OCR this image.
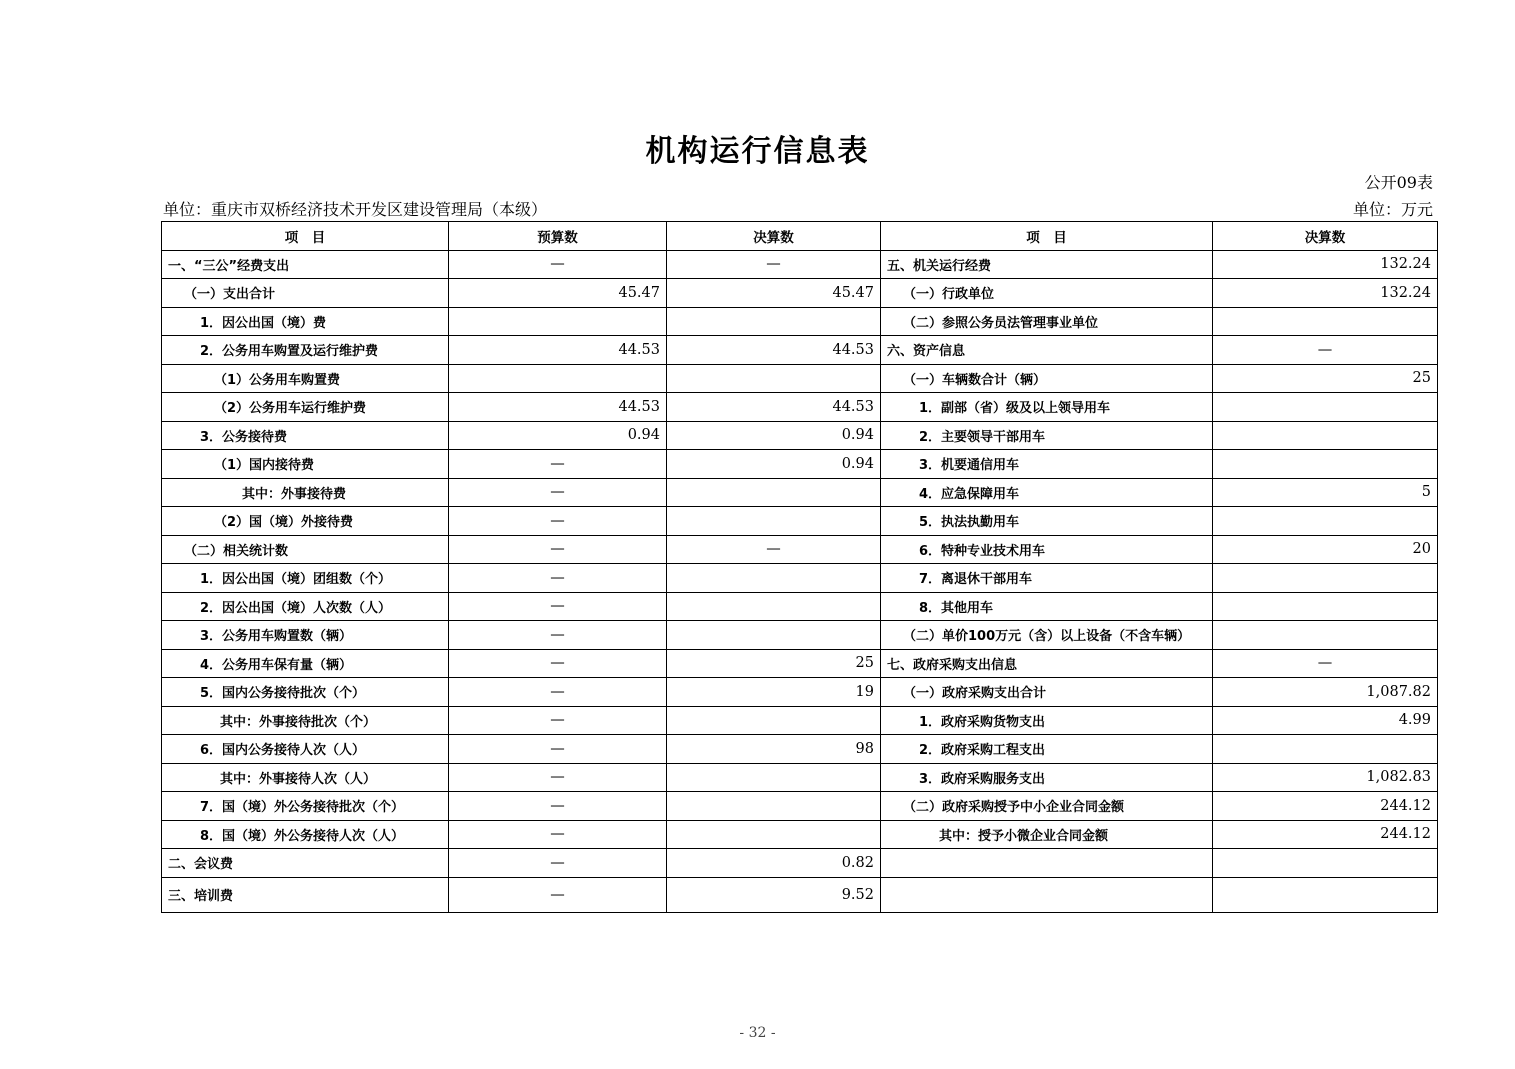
机构运行信息表
公开09表
单位：重庆市双桥经济技术开发区建设管理局（本级）	单位：万元
项　目	预算数	决算数	项　目	决算数
一、“三公”经费支出	—	—	五、机关运行经费	132.24
（一）支出合计	45.47	45.47	（一）行政单位	132.24
1．因公出国（境）费			（二）参照公务员法管理事业单位	
2．公务用车购置及运行维护费	44.53	44.53	六、资产信息	—
（1）公务用车购置费			（一）车辆数合计（辆）	25
（2）公务用车运行维护费	44.53	44.53	1．副部（省）级及以上领导用车	
3．公务接待费	0.94	0.94	2．主要领导干部用车	
（1）国内接待费	—	0.94	3．机要通信用车	
其中：外事接待费	—		4．应急保障用车	5
（2）国（境）外接待费	—		5．执法执勤用车	
（二）相关统计数	—	—	6．特种专业技术用车	20
1．因公出国（境）团组数（个）	—		7．离退休干部用车	
2．因公出国（境）人次数（人）	—		8．其他用车	
3．公务用车购置数（辆）	—		（二）单价100万元（含）以上设备（不含车辆）	
4．公务用车保有量（辆）	—	25	七、政府采购支出信息	—
5．国内公务接待批次（个）	—	19	（一）政府采购支出合计	1,087.82
其中：外事接待批次（个）	—		1．政府采购货物支出	4.99
6．国内公务接待人次（人）	—	98	2．政府采购工程支出	
其中：外事接待人次（人）	—		3．政府采购服务支出	1,082.83
7．国（境）外公务接待批次（个）	—		（二）政府采购授予中小企业合同金额	244.12
8．国（境）外公务接待人次（人）	—		其中：授予小微企业合同金额	244.12
二、会议费	—	0.82		
三、培训费	—	9.52		
- 32 -
